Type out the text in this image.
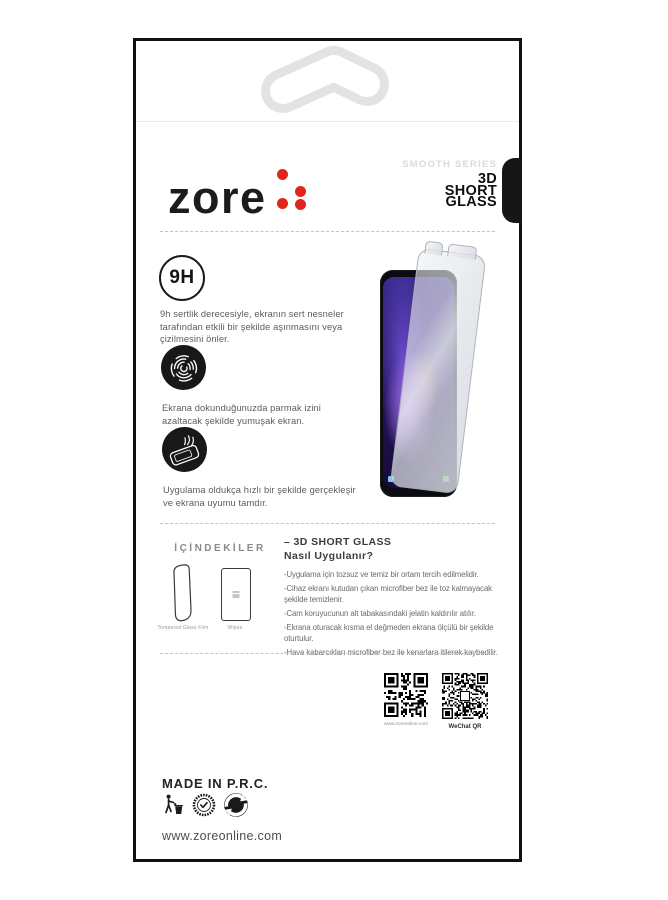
zore
SMOOTH SERIES
3D
SHORT
GLASS
9H

9h sertlik derecesiyle, ekranın sert nesneler tarafından etkili bir şekilde aşınmasını veya çizilmesini önler.

Ekrana dokunduğunuzda parmak izini azaltacak şekilde yumuşak ekran.

Uygulama oldukça hızlı bir şekilde gerçekleşir ve ekrana uyumu tamdır.

İÇİNDEKİLER
Tempered Glass Film	Wipes
– 3D SHORT GLASS
Nasıl Uygulanır?

-Uygulama için tozsuz ve temiz bir ortam tercih edilmelidir.

-Cihaz ekranı kutudan çıkan microfiber bez ile toz kalmayacak şekilde temizlenir.

-Cam koruyucunun alt tabakasındaki jelatin kaldırılır atılır.

-Ekrana oturacak kısma el değmeden ekrana ölçülü bir şekilde oturtulur.

-Hava kabarcıkları microfiber bez ile kenarlara itilerek kaybedilir.

www.zoreonline.com	WeChat QR
MADE IN P.R.C.
www.zoreonline.com
